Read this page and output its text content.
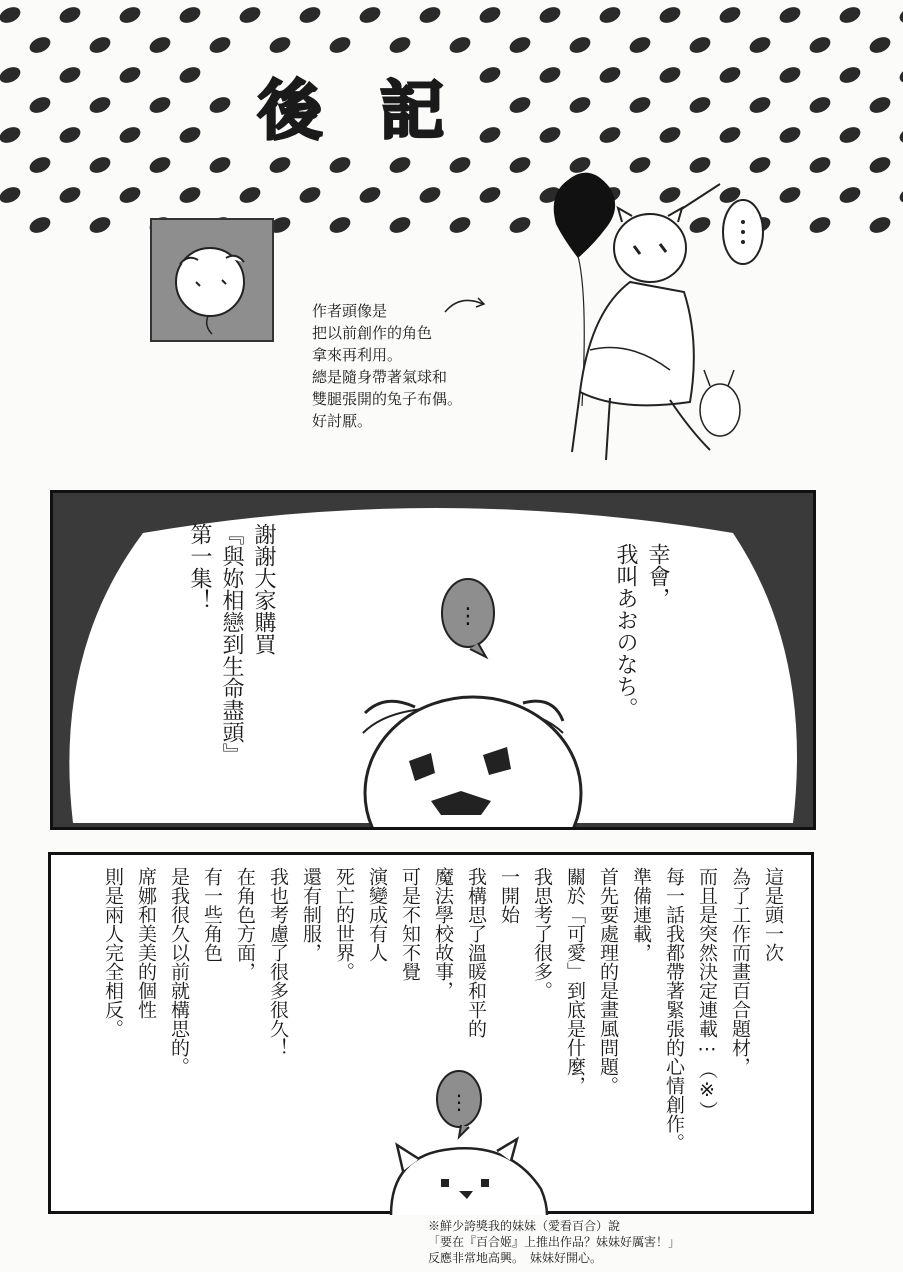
後 記
作者頭像是
把以前創作的角色
拿來再利用。
總是隨身帶著氣球和
雙腿張開的兔子布偶。
好討厭。
⋮
幸會，
我叫あおのなち。
謝謝大家購買
『與妳相戀到生命盡頭』
第一集！
這是頭一次
為了工作而畫百合題材，
而且是突然決定連載⋯（※）
每一話我都帶著緊張的心情創作。
準備連載，
首先要處理的是畫風問題。
關於「可愛」到底是什麼，
我思考了很多。
一開始
我構思了溫暖和平的
魔法學校故事，
可是不知不覺
演變成有人
死亡的世界。
還有制服，
我也考慮了很多很久！
在角色方面，
有一些角色
是我很久以前就構思的。
席娜和美美的個性
則是兩人完全相反。
⋮
※鮮少誇獎我的妹妹（愛看百合）說
「要在『百合姬』上推出作品？妹妹好厲害！」
反應非常地高興。　妹妹好開心。
